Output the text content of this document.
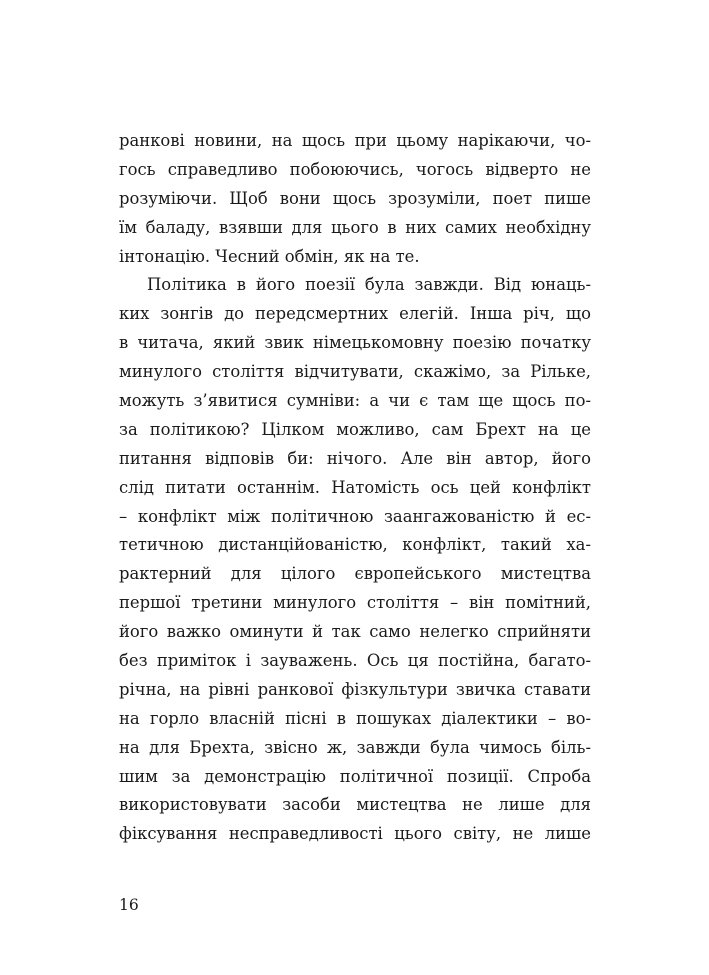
ранкові новини, на щось при цьому нарікаючи, чо-
гось справедливо побоюючись, чогось відверто не
розуміючи. Щоб вони щось зрозуміли, поет пише
їм баладу, взявши для цього в них самих необхідну
інтонацію. Чесний обмін, як на те.
Політика в його поезії була завжди. Від юнаць-
ких зонгів до передсмертних елегій. Інша річ, що
в читача, який звик німецькомовну поезію початку
минулого століття відчитувати, скажімо, за Рільке,
можуть з’явитися сумніви: а чи є там ще щось по-
за політикою? Цілком можливо, сам Брехт на це
питання відповів би: нічого. Але він автор, його
слід питати останнім. Натомість ось цей конфлікт
– конфлікт між політичною заангажованістю й ес-
тетичною дистанційованістю, конфлікт, такий ха-
рактерний для цілого європейського мистецтва
першої третини минулого століття – він помітний,
його важко оминути й так само нелегко сприйняти
без приміток і зауважень. Ось ця постійна, багато-
річна, на рівні ранкової фізкультури звичка ставати
на горло власній пісні в пошуках діалектики – во-
на для Брехта, звісно ж, завжди була чимось біль-
шим за демонстрацію політичної позиції. Спроба
використовувати засоби мистецтва не лише для
фіксування несправедливості цього світу, не лише
16
